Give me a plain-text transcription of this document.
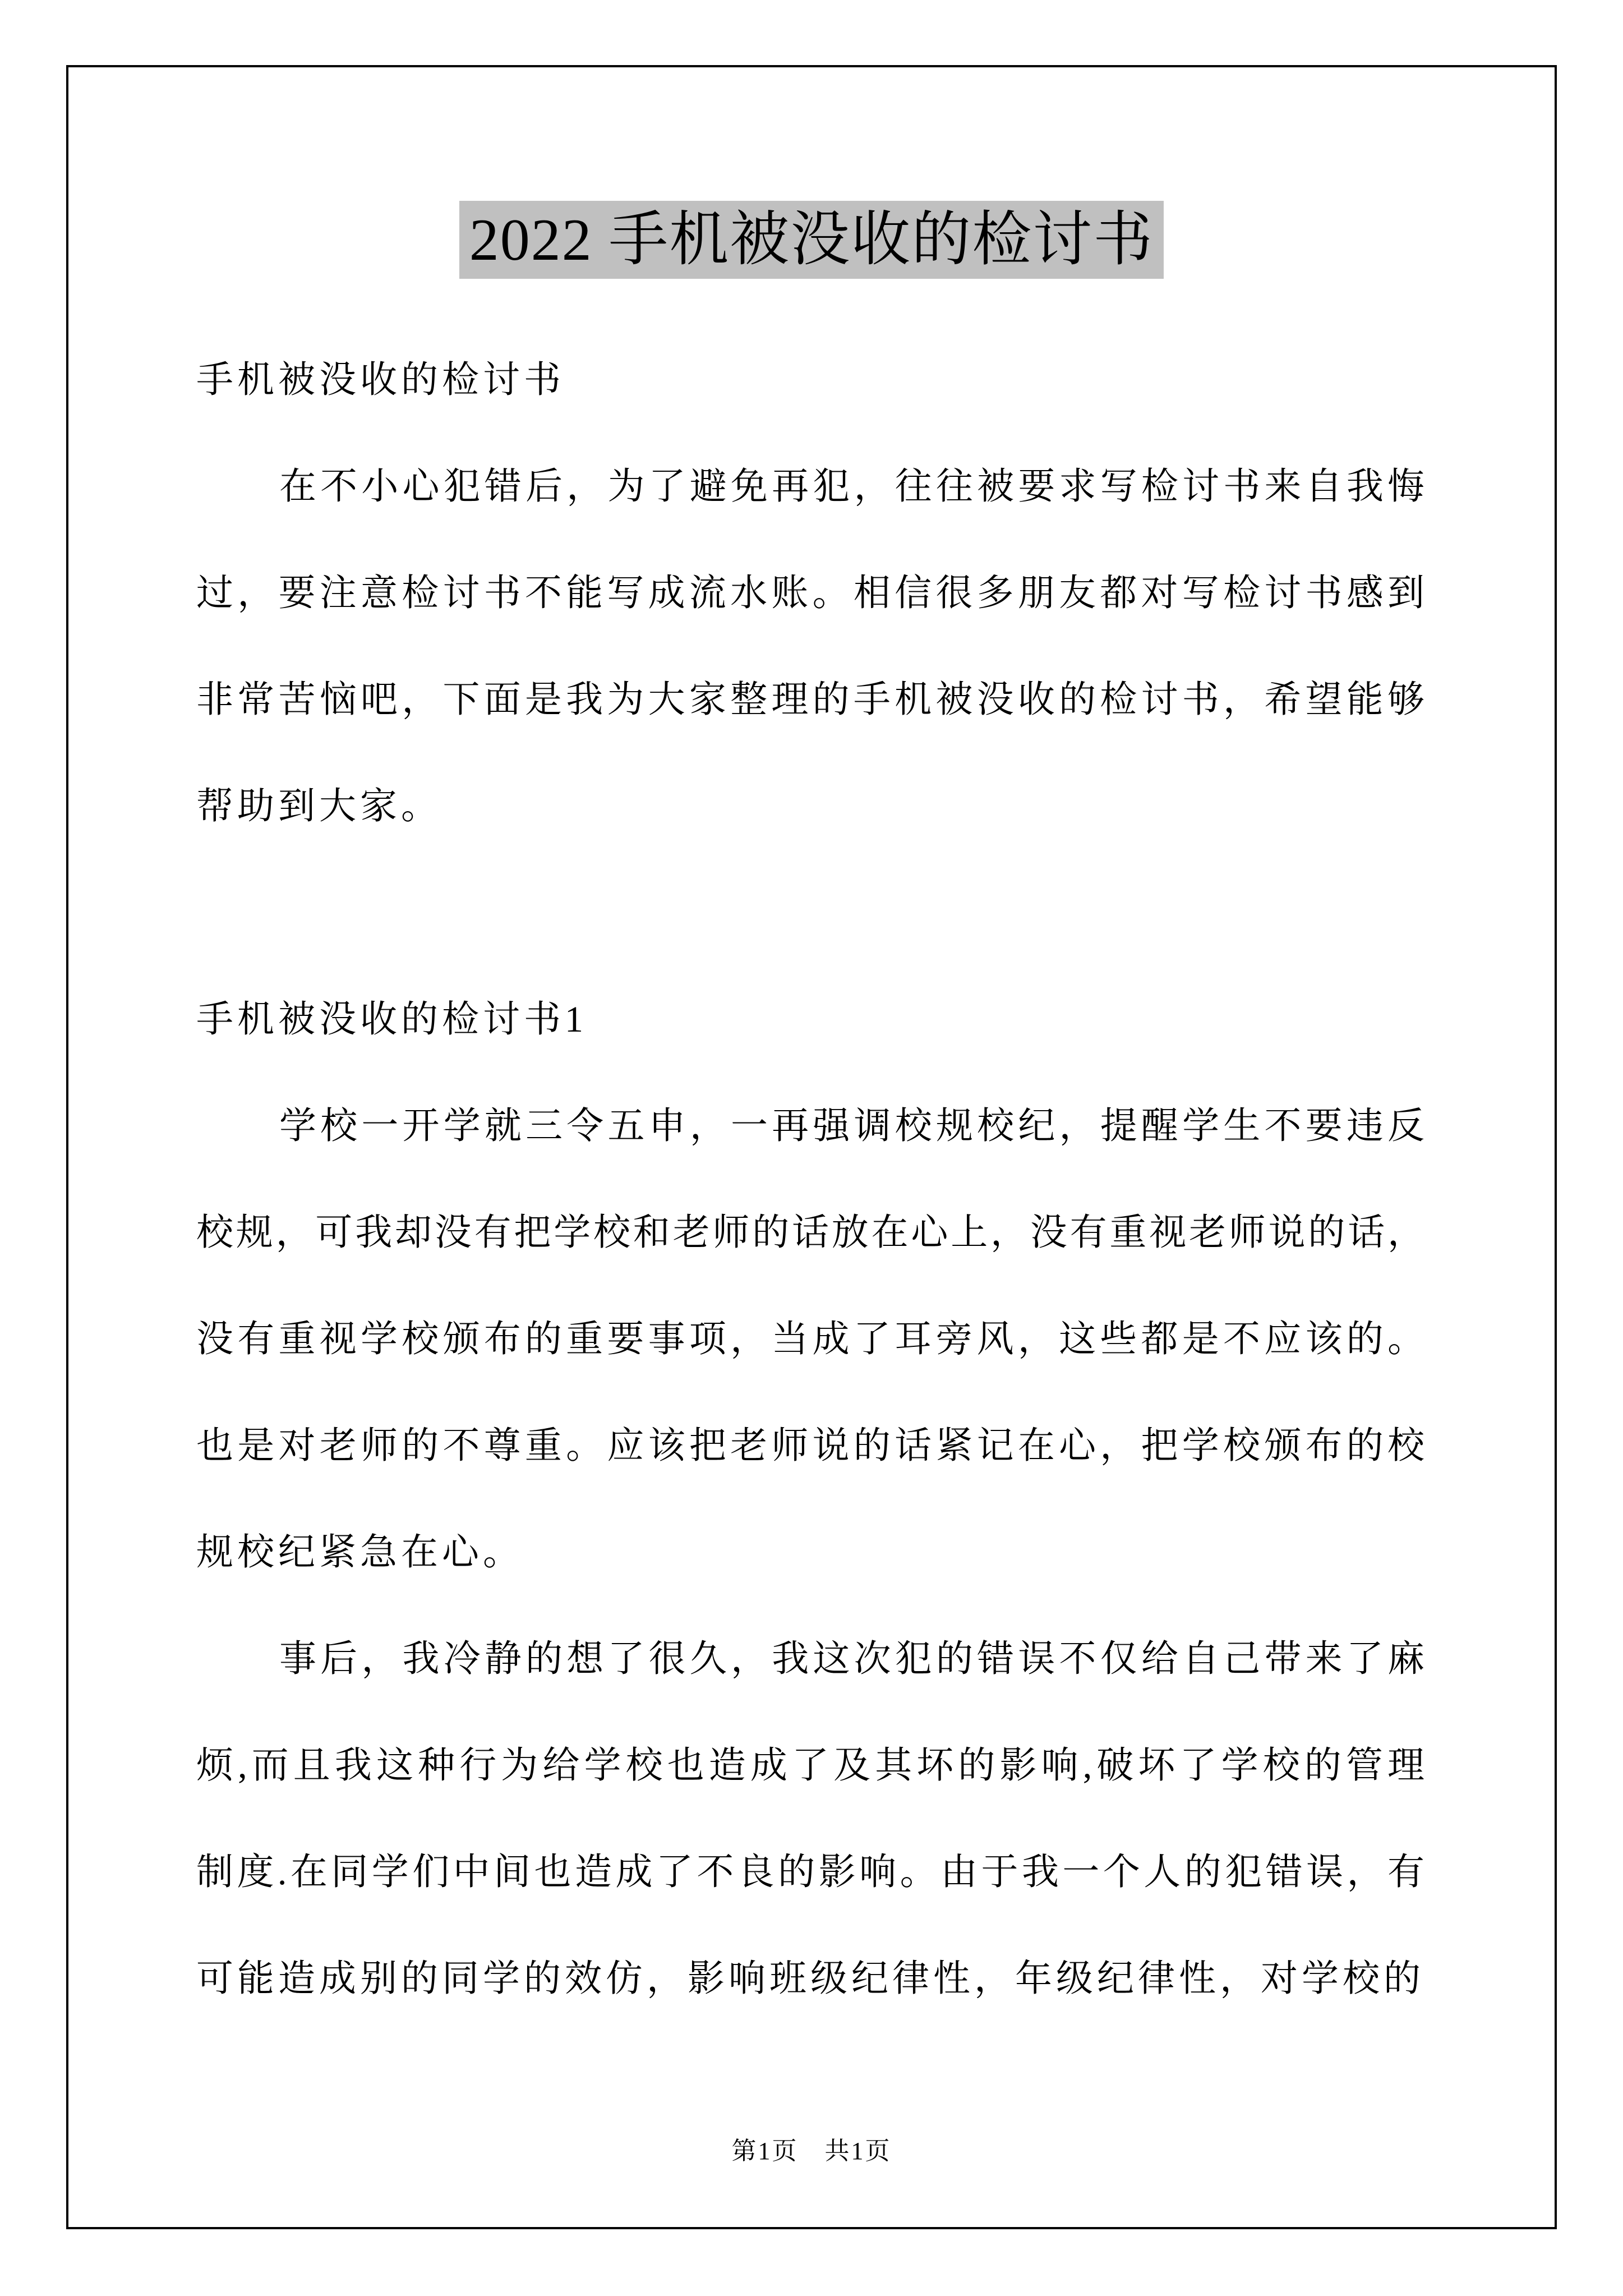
2022 手机被没收的检讨书
手机被没收的检讨书
在不小心犯错后，为了避免再犯，往往被要求写检讨书来自我悔
过，要注意检讨书不能写成流水账。相信很多朋友都对写检讨书感到
非常苦恼吧，下面是我为大家整理的手机被没收的检讨书，希望能够
帮助到大家。
手机被没收的检讨书1
学校一开学就三令五申，一再强调校规校纪，提醒学生不要违反
校规，可我却没有把学校和老师的话放在心上，没有重视老师说的话，
没有重视学校颁布的重要事项，当成了耳旁风，这些都是不应该的。
也是对老师的不尊重。应该把老师说的话紧记在心，把学校颁布的校
规校纪紧急在心。
事后，我冷静的想了很久，我这次犯的错误不仅给自己带来了麻
烦,而且我这种行为给学校也造成了及其坏的影响,破坏了学校的管理
制度.在同学们中间也造成了不良的影响。由于我一个人的犯错误，有
可能造成别的同学的效仿，影响班级纪律性，年级纪律性，对学校的
第1页　共1页
